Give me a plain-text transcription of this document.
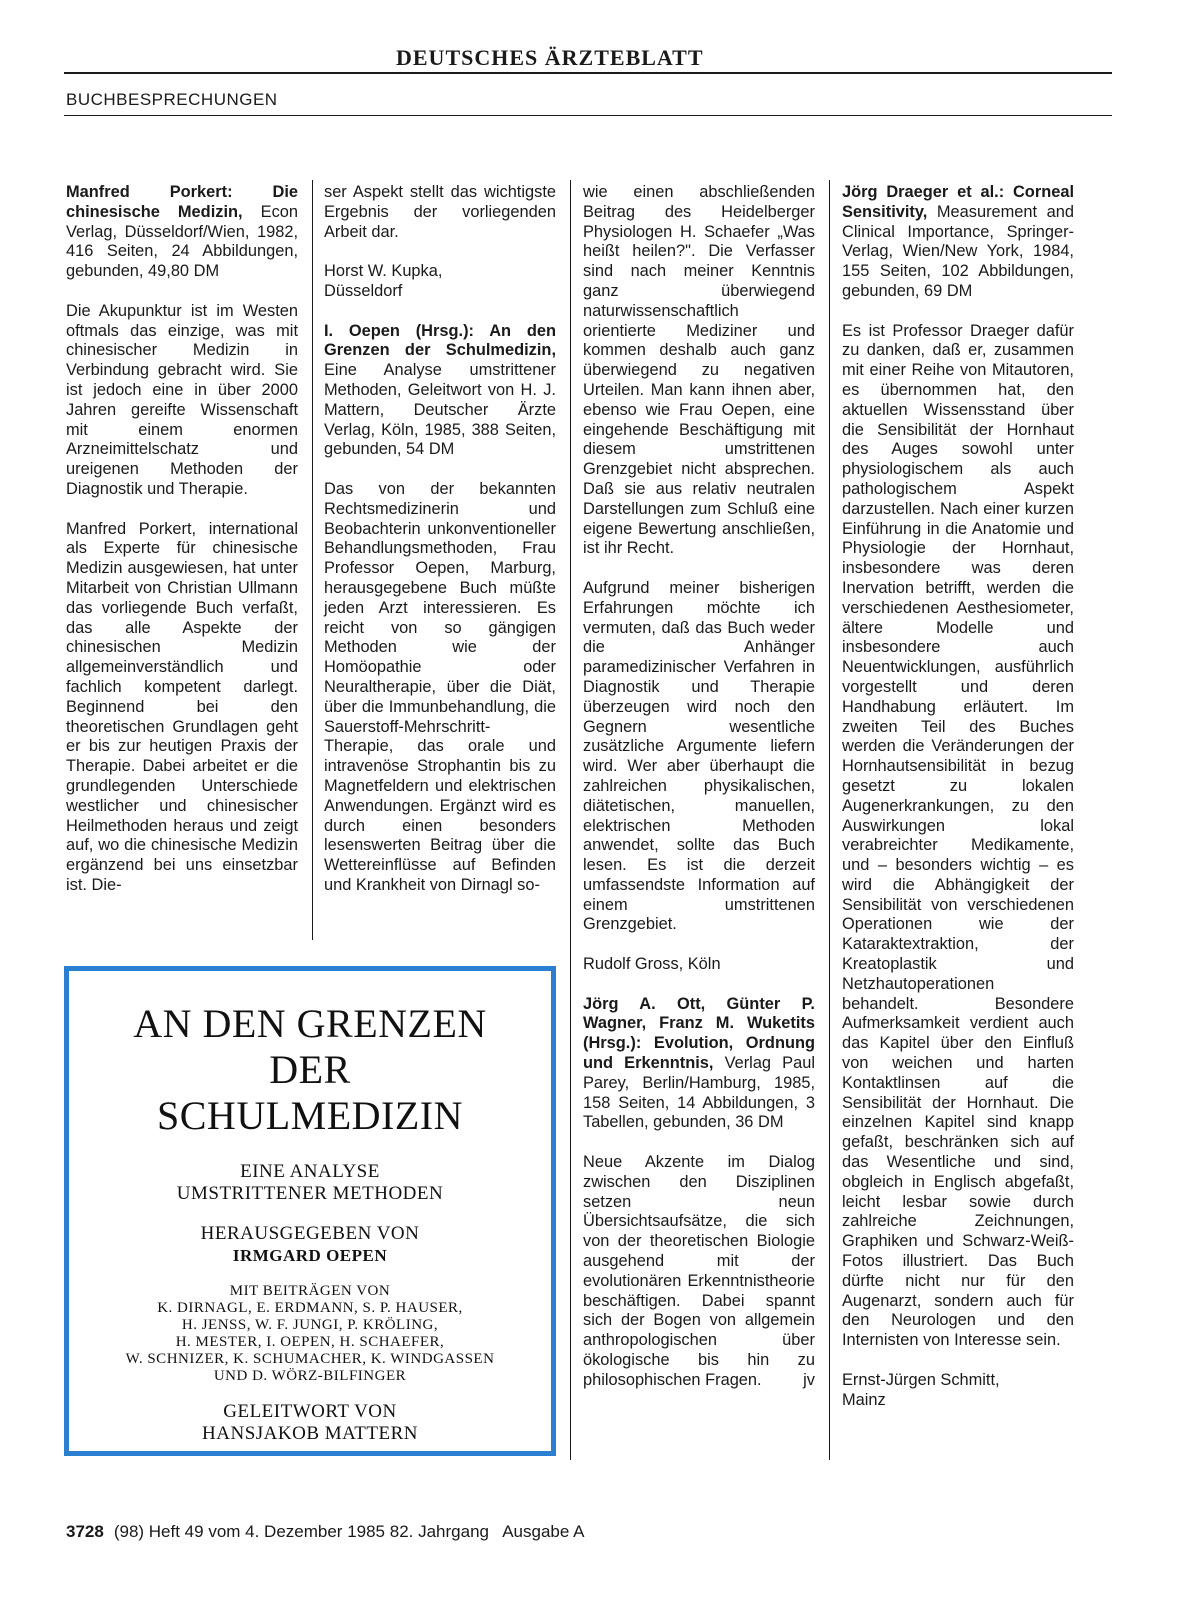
DEUTSCHES ÄRZTEBLATT
BUCHBESPRECHUNGEN

Manfred Porkert: Die chinesische Medizin, Econ Verlag, Düsseldorf/Wien, 1982, 416 Seiten, 24 Abbildungen, gebunden, 49,80 DM

Die Akupunktur ist im Westen oftmals das einzige, was mit chinesischer Medizin in Verbindung gebracht wird. Sie ist jedoch eine in über 2000 Jahren gereifte Wissenschaft mit einem enormen Arzneimittelschatz und ureigenen Methoden der Diagnostik und Therapie.

Manfred Porkert, international als Experte für chinesische Medizin ausgewiesen, hat unter Mitarbeit von Christian Ullmann das vorliegende Buch verfaßt, das alle Aspekte der chinesischen Medizin allgemeinverständlich und fachlich kompetent darlegt. Beginnend bei den theoretischen Grundlagen geht er bis zur heutigen Praxis der Therapie. Dabei arbeitet er die grundlegenden Unterschiede westlicher und chinesischer Heilmethoden heraus und zeigt auf, wo die chinesische Medizin ergänzend bei uns einsetzbar ist. Die-

ser Aspekt stellt das wichtigste Ergebnis der vorliegenden Arbeit dar.

Horst W. Kupka,
Düsseldorf

I. Oepen (Hrsg.): An den Grenzen der Schulmedizin, Eine Analyse umstrittener Methoden, Geleitwort von H. J. Mattern, Deutscher Ärzte Verlag, Köln, 1985, 388 Seiten, gebunden, 54 DM

Das von der bekannten Rechtsmedizinerin und Beobachterin unkonventioneller Behandlungsmethoden, Frau Professor Oepen, Marburg, herausgegebene Buch müßte jeden Arzt interessieren. Es reicht von so gängigen Methoden wie der Homöopathie oder Neuraltherapie, über die Diät, über die Immunbehandlung, die Sauerstoff-Mehrschritt-Therapie, das orale und intravenöse Strophantin bis zu Magnetfeldern und elektrischen Anwendungen. Ergänzt wird es durch einen besonders lesenswerten Beitrag über die Wettereinflüsse auf Befinden und Krankheit von Dirnagl so-

wie einen abschließenden Beitrag des Heidelberger Physiologen H. Schaefer „Was heißt heilen?". Die Verfasser sind nach meiner Kenntnis ganz überwiegend naturwissenschaftlich orientierte Mediziner und kommen deshalb auch ganz überwiegend zu negativen Urteilen. Man kann ihnen aber, ebenso wie Frau Oepen, eine eingehende Beschäftigung mit diesem umstrittenen Grenzgebiet nicht absprechen. Daß sie aus relativ neutralen Darstellungen zum Schluß eine eigene Bewertung anschließen, ist ihr Recht.

Aufgrund meiner bisherigen Erfahrungen möchte ich vermuten, daß das Buch weder die Anhänger paramedizinischer Verfahren in Diagnostik und Therapie überzeugen wird noch den Gegnern wesentliche zusätzliche Argumente liefern wird. Wer aber überhaupt die zahlreichen physikalischen, diätetischen, manuellen, elektrischen Methoden anwendet, sollte das Buch lesen. Es ist die derzeit umfassendste Information auf einem umstrittenen Grenzgebiet.

Rudolf Gross, Köln

Jörg A. Ott, Günter P. Wagner, Franz M. Wuketits (Hrsg.): Evolution, Ordnung und Erkenntnis, Verlag Paul Parey, Berlin/Hamburg, 1985, 158 Seiten, 14 Abbildungen, 3 Tabellen, gebunden, 36 DM

Neue Akzente im Dialog zwischen den Disziplinen setzen neun Übersichtsaufsätze, die sich von der theoretischen Biologie ausgehend mit der evolutionären Erkenntnistheorie beschäftigen. Dabei spannt sich der Bogen von allgemein anthropologischen über ökologische bis hin zu philosophischen Fragen.	jv

Jörg Draeger et al.: Corneal Sensitivity, Measurement and Clinical Importance, Springer-Verlag, Wien/New York, 1984, 155 Seiten, 102 Abbildungen, gebunden, 69 DM

Es ist Professor Draeger dafür zu danken, daß er, zusammen mit einer Reihe von Mitautoren, es übernommen hat, den aktuellen Wissensstand über die Sensibilität der Hornhaut des Auges sowohl unter physiologischem als auch pathologischem Aspekt darzustellen. Nach einer kurzen Einführung in die Anatomie und Physiologie der Hornhaut, insbesondere was deren Inervation betrifft, werden die verschiedenen Aesthesiometer, ältere Modelle und insbesondere auch Neuentwicklungen, ausführlich vorgestellt und deren Handhabung erläutert. Im zweiten Teil des Buches werden die Veränderungen der Hornhautsensibilität in bezug gesetzt zu lokalen Augenerkrankungen, zu den Auswirkungen lokal verabreichter Medikamente, und – besonders wichtig – es wird die Abhängigkeit der Sensibilität von verschiedenen Operationen wie der Kataraktextraktion, der Kreatoplastik und Netzhautoperationen behandelt. Besondere Aufmerksamkeit verdient auch das Kapitel über den Einfluß von weichen und harten Kontaktlinsen auf die Sensibilität der Hornhaut. Die einzelnen Kapitel sind knapp gefaßt, beschränken sich auf das Wesentliche und sind, obgleich in Englisch abgefaßt, leicht lesbar sowie durch zahlreiche Zeichnungen, Graphiken und Schwarz-Weiß-Fotos illustriert. Das Buch dürfte nicht nur für den Augenarzt, sondern auch für den Neurologen und den Internisten von Interesse sein.

Ernst-Jürgen Schmitt,
Mainz

AN DEN GRENZEN
DER
SCHULMEDIZIN
EINE ANALYSE
UMSTRITTENER METHODEN
HERAUSGEGEBEN VON
IRMGARD OEPEN
MIT BEITRÄGEN VON
K. DIRNAGL, E. ERDMANN, S. P. HAUSER,
H. JENSS, W. F. JUNGI, P. KRÖLING,
H. MESTER, I. OEPEN, H. SCHAEFER,
W. SCHNIZER, K. SCHUMACHER, K. WINDGASSEN
UND D. WÖRZ-BILFINGER
GELEITWORT VON
HANSJAKOB MATTERN
3728 (98) Heft 49 vom 4. Dezember 1985 82. Jahrgang   Ausgabe A
